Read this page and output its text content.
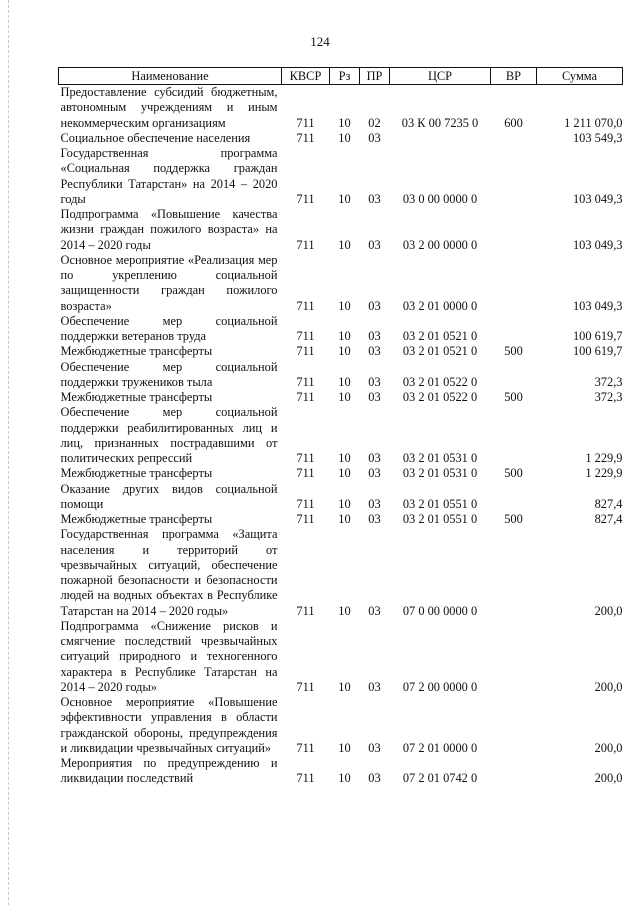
124
Наименование	КВСР	Рз	ПР	ЦСР	ВР	Сумма
Предоставление субсидий бюджетным, автономным учреждениям и иным некоммерческим организациям	711	10	02	03 К 00 7235 0	600	1 211 070,0
Социальное обеспечение населения	711	10	03			103 549,3
Государственная программа «Социальная поддержка граждан Республики Татарстан» на 2014 – 2020 годы	711	10	03	03 0 00 0000 0		103 049,3
Подпрограмма «Повышение качества жизни граждан пожилого возраста» на 2014 – 2020 годы	711	10	03	03 2 00 0000 0		103 049,3
Основное мероприятие «Реализация мер по укреплению социальной защищенности граждан пожилого возраста»	711	10	03	03 2 01 0000 0		103 049,3
Обеспечение мер социальной поддержки ветеранов труда	711	10	03	03 2 01 0521 0		100 619,7
Межбюджетные трансферты	711	10	03	03 2 01 0521 0	500	100 619,7
Обеспечение мер социальной поддержки тружеников тыла	711	10	03	03 2 01 0522 0		372,3
Межбюджетные трансферты	711	10	03	03 2 01 0522 0	500	372,3
Обеспечение мер социальной поддержки реабилитированных лиц и лиц, признанных пострадавшими от политических репрессий	711	10	03	03 2 01 0531 0		1 229,9
Межбюджетные трансферты	711	10	03	03 2 01 0531 0	500	1 229,9
Оказание других видов социальной помощи	711	10	03	03 2 01 0551 0		827,4
Межбюджетные трансферты	711	10	03	03 2 01 0551 0	500	827,4
Государственная программа «Защита населения и территорий от чрезвычайных ситуаций, обеспечение пожарной безопасности и безопасности людей на водных объектах в Республике Татарстан на 2014 – 2020 годы»	711	10	03	07 0 00 0000 0		200,0
Подпрограмма «Снижение рисков и смягчение последствий чрезвычайных ситуаций природного и техногенного характера в Республике Татарстан на 2014 – 2020 годы»	711	10	03	07 2 00 0000 0		200,0
Основное мероприятие «Повышение эффективности управления в области гражданской обороны, предупреждения и ликвидации чрезвычайных ситуаций»	711	10	03	07 2 01 0000 0		200,0
Мероприятия по предупреждению и ликвидации последствий	711	10	03	07 2 01 0742 0		200,0
